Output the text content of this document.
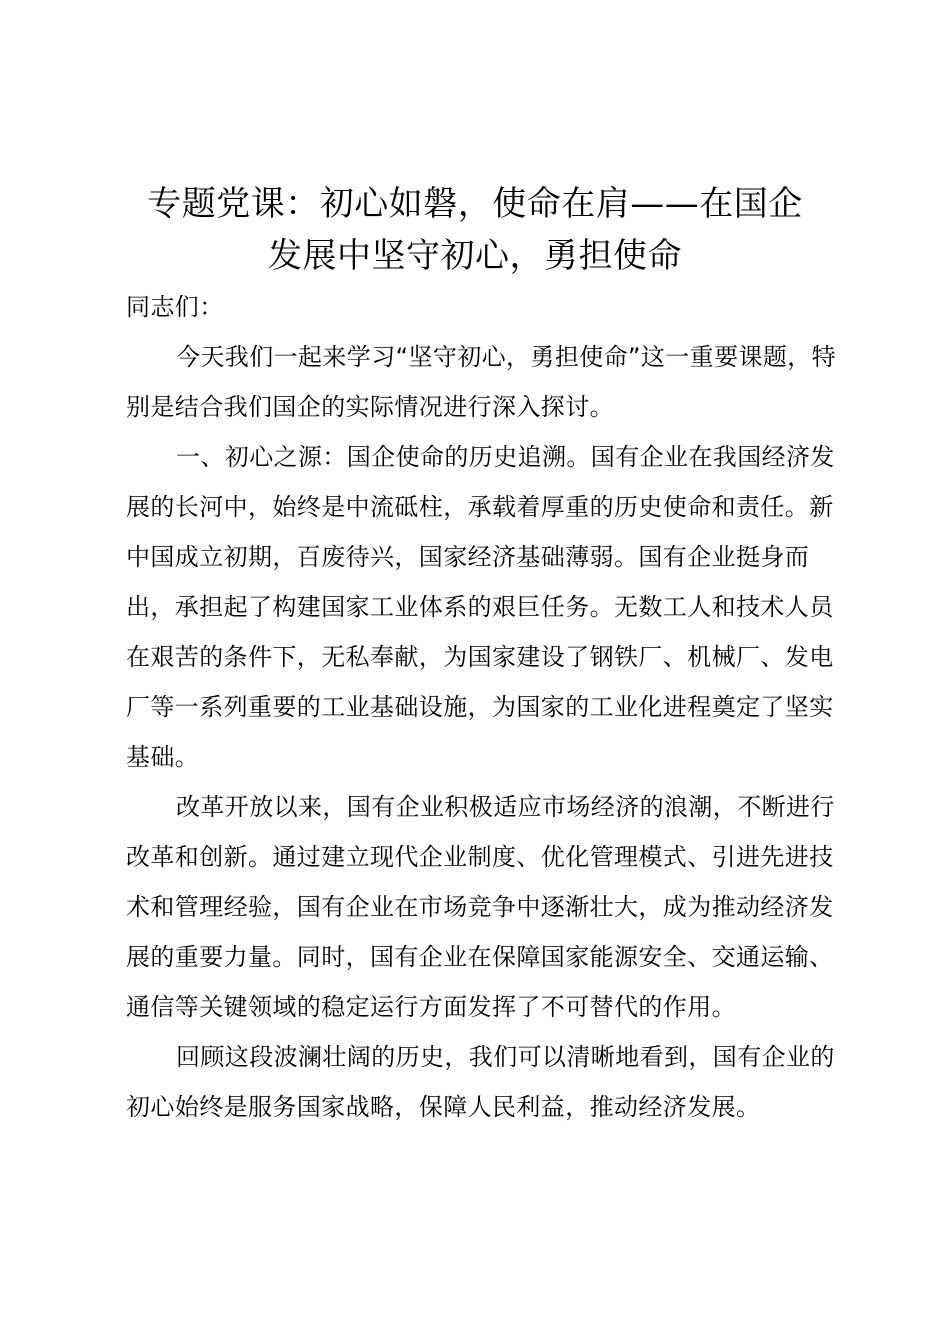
专题党课：初心如磐，使命在肩——在国企
发展中坚守初心，勇担使命

同志们：

今天我们一起来学习“坚守初心，勇担使命”这一重要课题，特别是结合我们国企的实际情况进行深入探讨。

一、初心之源：国企使命的历史追溯。国有企业在我国经济发展的长河中，始终是中流砥柱，承载着厚重的历史使命和责任。新中国成立初期，百废待兴，国家经济基础薄弱。国有企业挺身而出，承担起了构建国家工业体系的艰巨任务。无数工人和技术人员在艰苦的条件下，无私奉献，为国家建设了钢铁厂、机械厂、发电厂等一系列重要的工业基础设施，为国家的工业化进程奠定了坚实基础。

改革开放以来，国有企业积极适应市场经济的浪潮，不断进行改革和创新。通过建立现代企业制度、优化管理模式、引进先进技术和管理经验，国有企业在市场竞争中逐渐壮大，成为推动经济发展的重要力量。同时，国有企业在保障国家能源安全、交通运输、通信等关键领域的稳定运行方面发挥了不可替代的作用。

回顾这段波澜壮阔的历史，我们可以清晰地看到，国有企业的初心始终是服务国家战略，保障人民利益，推动经济发展。
